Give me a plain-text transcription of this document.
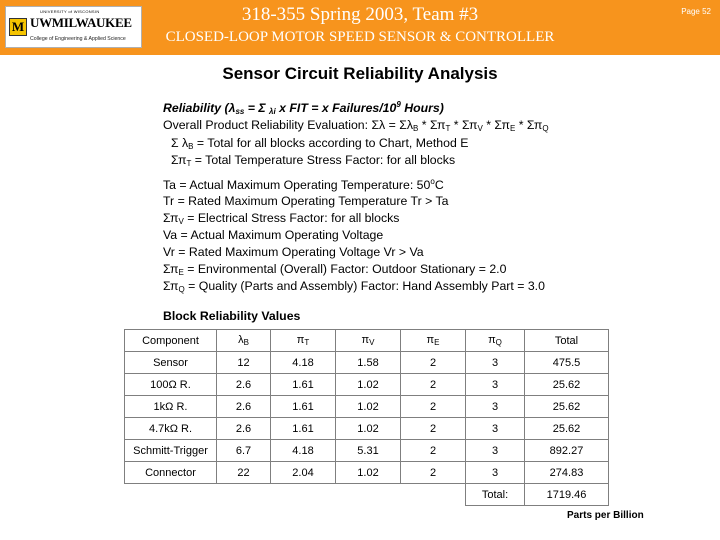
M
UNIVERSITY of WISCONSIN
UWMILWAUKEE
College of Engineering & Applied Science
318-355 Spring 2003, Team #3
CLOSED-LOOP MOTOR SPEED SENSOR & CONTROLLER
Page 52
Sensor Circuit Reliability Analysis
Reliability ($\lambda_{ss} = \Sigma$ $_{\lambda i}$ x FIT = x Failures/$10^9$ Hours)
Overall Product Reliability Evaluation: $\Sigma\lambda = \Sigma\lambda_B * \Sigma\pi_T * \Sigma\pi_V * \Sigma\pi_E * \Sigma\pi_Q$
Σ $\lambda_B$ = Total for all blocks according to Chart, Method E
$\Sigma\pi_T$ = Total Temperature Stress Factor: for all blocks
Ta = Actual Maximum Operating Temperature: 50$^o$C
Tr = Rated Maximum Operating Temperature Tr > Ta
$\Sigma\pi_V$ = Electrical Stress Factor: for all blocks
Va = Actual Maximum Operating Voltage
Vr = Rated Maximum Operating Voltage Vr > Va
$\Sigma\pi_E$ = Environmental (Overall) Factor: Outdoor Stationary = 2.0
$\Sigma\pi_Q$ = Quality (Parts and Assembly) Factor: Hand Assembly Part = 3.0
Block Reliability Values
Component	$\lambda_B$	$\pi_T$	$\pi_V$	$\pi_E$	$\pi_Q$	Total
Sensor	12	4.18	1.58	2	3	475.5
100Ω R.	2.6	1.61	1.02	2	3	25.62
1kΩ R.	2.6	1.61	1.02	2	3	25.62
4.7kΩ R.	2.6	1.61	1.02	2	3	25.62
Schmitt-Trigger	6.7	4.18	5.31	2	3	892.27
Connector	22	2.04	1.02	2	3	274.83
					Total:	1719.46
Parts per Billion
